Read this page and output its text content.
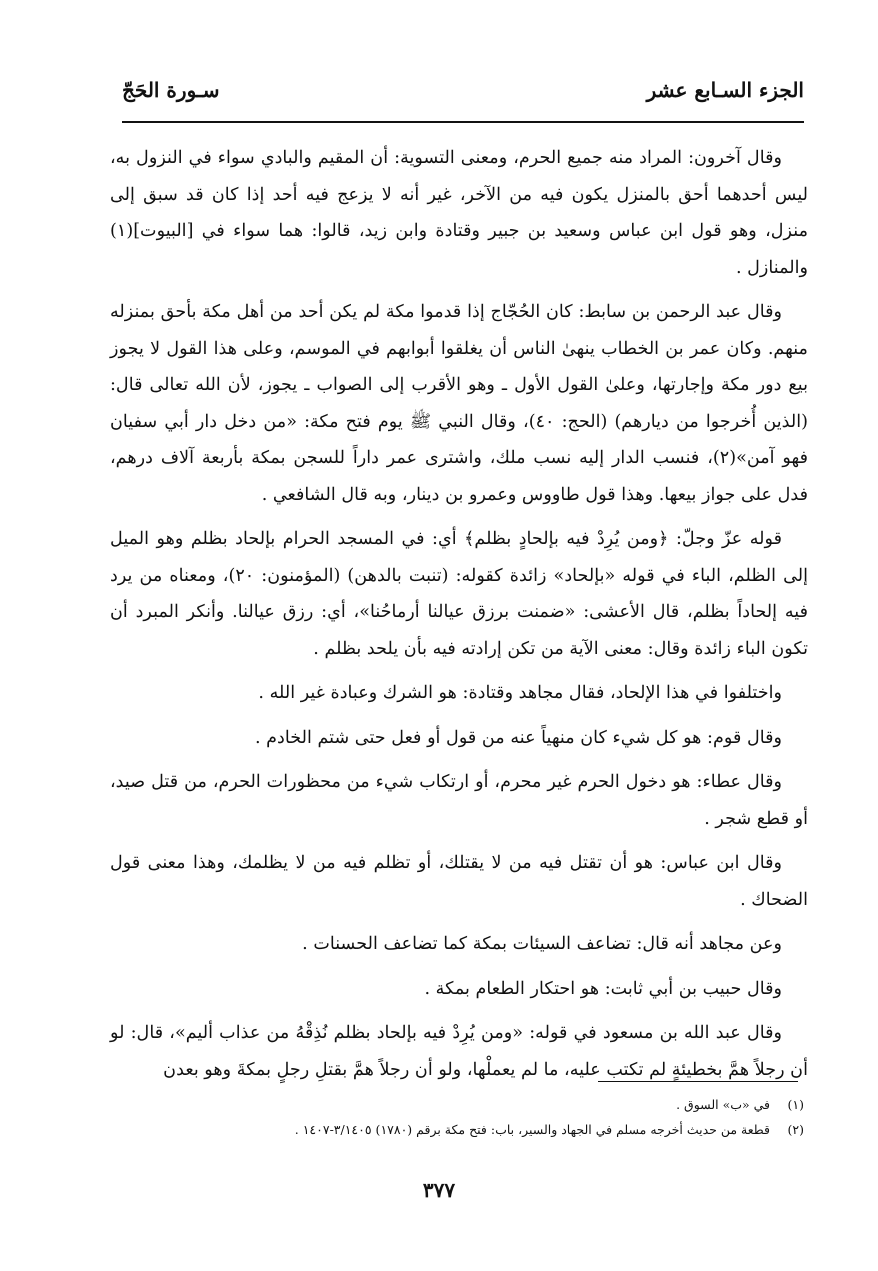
الجزء السـابع عشر
سـورة الحَجّ

وقال آخرون: المراد منه جميع الحرم، ومعنى التسوية: أن المقيم والبادي سواء في النزول به، ليس أحدهما أحق بالمنزل يكون فيه من الآخر، غير أنه لا يزعج فيه أحد إذا كان قد سبق إلى منزل، وهو قول ابن عباس وسعيد بن جبير وقتادة وابن زيد، قالوا: هما سواء في [البيوت](١) والمنازل .

وقال عبد الرحمن بن سابط: كان الحُجّاج إذا قدموا مكة لم يكن أحد من أهل مكة بأحق بمنزله منهم. وكان عمر بن الخطاب ينهىٰ الناس أن يغلقوا أبوابهم في الموسم، وعلى هذا القول لا يجوز بيع دور مكة وإجارتها، وعلىٰ القول الأول ـ وهو الأقرب إلى الصواب ـ يجوز، لأن الله تعالى قال: (الذين أُخرجوا من ديارهم) (الحج: ٤٠)، وقال النبي ﷺ يوم فتح مكة: «من دخل دار أبي سفيان فهو آمن»(٢)، فنسب الدار إليه نسب ملك، واشترى عمر داراً للسجن بمكة بأربعة آلاف درهم، فدل على جواز بيعها. وهذا قول طاووس وعمرو بن دينار، وبه قال الشافعي .

قوله عزّ وجلّ: ﴿ومن يُرِدْ فيه بإلحادٍ بظلم﴾ أي: في المسجد الحرام بإلحاد بظلم وهو الميل إلى الظلم، الباء في قوله «بإلحاد» زائدة كقوله: (تنبت بالدهن) (المؤمنون: ٢٠)، ومعناه من يرد فيه إلحاداً بظلم، قال الأعشى: «ضمنت برزق عيالنا أرماحُنا»، أي: رزق عيالنا. وأنكر المبرد أن تكون الباء زائدة وقال: معنى الآية من تكن إرادته فيه بأن يلحد بظلم .

واختلفوا في هذا الإلحاد، فقال مجاهد وقتادة: هو الشرك وعبادة غير الله .

وقال قوم: هو كل شيء كان منهياً عنه من قول أو فعل حتى شتم الخادم .

وقال عطاء: هو دخول الحرم غير محرم، أو ارتكاب شيء من محظورات الحرم، من قتل صيد، أو قطع شجر .

وقال ابن عباس: هو أن تقتل فيه من لا يقتلك، أو تظلم فيه من لا يظلمك، وهذا معنى قول الضحاك .

وعن مجاهد أنه قال: تضاعف السيئات بمكة كما تضاعف الحسنات .

وقال حبيب بن أبي ثابت: هو احتكار الطعام بمكة .

وقال عبد الله بن مسعود في قوله: «ومن يُرِدْ فيه بإلحاد بظلم نُذِقْهُ من عذاب أليم»، قال: لو أن رجلاً همَّ بخطيئةٍ لم تكتب عليه، ما لم يعملْها، ولو أن رجلاً همَّ بقتلِ رجلٍ بمكةَ وهو بعدن

(١) في «ب» السوق .

(٢) قطعة من حديث أخرجه مسلم في الجهاد والسير، باب: فتح مكة برقم (١٧٨٠) ٣/١٤٠٥-١٤٠٧ .

٣٧٧
